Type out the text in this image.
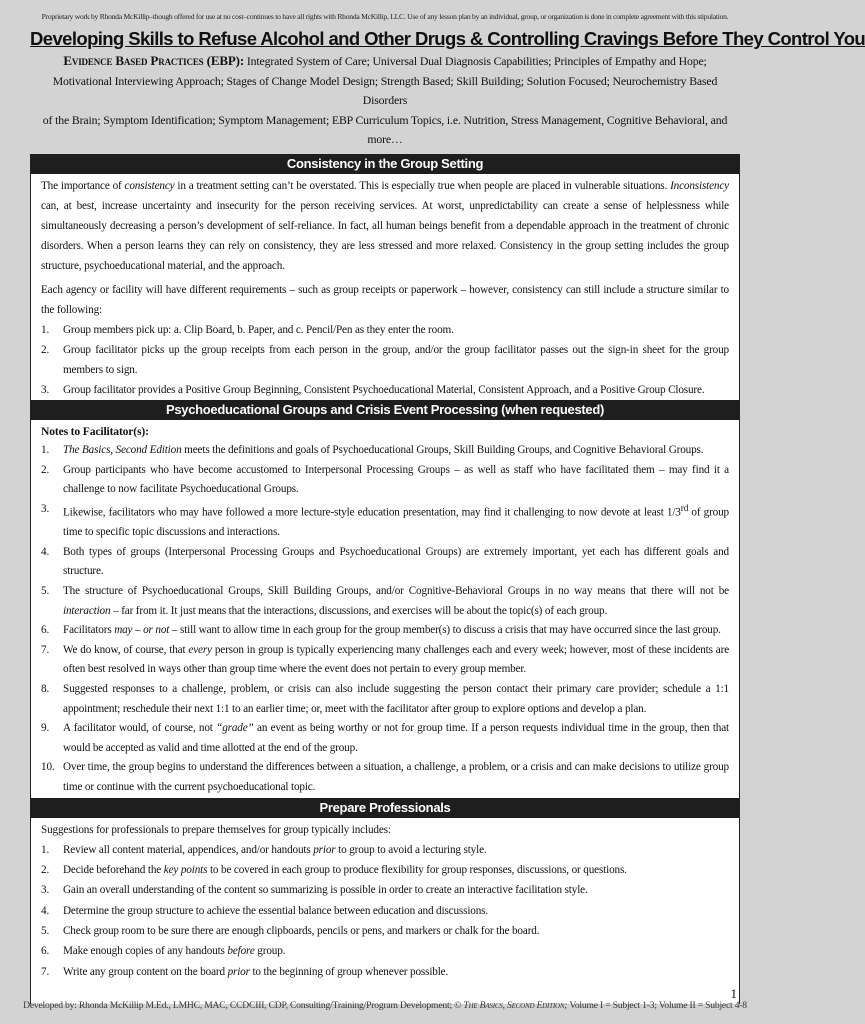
Proprietary work by Rhonda McKillip–though offered for use at no cost–continues to have all rights with Rhonda McKillip, LLC. Use of any lesson plan by an individual, group, or organization is done in complete agreement with this stipulation.
Developing Skills to Refuse Alcohol and Other Drugs & Controlling Cravings Before They Control You
Evidence Based Practices (EBP): Integrated System of Care; Universal Dual Diagnosis Capabilities; Principles of Empathy and Hope;
Motivational Interviewing Approach; Stages of Change Model Design; Strength Based; Skill Building; Solution Focused; Neurochemistry Based Disorders
of the Brain; Symptom Identification; Symptom Management; EBP Curriculum Topics, i.e. Nutrition, Stress Management, Cognitive Behavioral, and more…
Consistency in the Group Setting

The importance of consistency in a treatment setting can’t be overstated. This is especially true when people are placed in vulnerable situations. Inconsistency can, at best, increase uncertainty and insecurity for the person receiving services. At worst, unpredictability can create a sense of helplessness while simultaneously decreasing a person’s development of self-reliance. In fact, all human beings benefit from a dependable approach in the treatment of chronic disorders. When a person learns they can rely on consistency, they are less stressed and more relaxed. Consistency in the group setting includes the group structure, psychoeducational material, and the approach.

Each agency or facility will have different requirements – such as group receipts or paperwork – however, consistency can still include a structure similar to the following:

1. Group members pick up: a. Clip Board, b. Paper, and c. Pencil/Pen as they enter the room.
2. Group facilitator picks up the group receipts from each person in the group, and/or the group facilitator passes out the sign-in sheet for the group members to sign.
3. Group facilitator provides a Positive Group Beginning, Consistent Psychoeducational Material, Consistent Approach, and a Positive Group Closure.
Psychoeducational Groups and Crisis Event Processing (when requested)
Notes to Facilitator(s):
1. The Basics, Second Edition meets the definitions and goals of Psychoeducational Groups, Skill Building Groups, and Cognitive Behavioral Groups.
2. Group participants who have become accustomed to Interpersonal Processing Groups – as well as staff who have facilitated them – may find it a challenge to now facilitate Psychoeducational Groups.
3. Likewise, facilitators who may have followed a more lecture-style education presentation, may find it challenging to now devote at least 1/3rd of group time to specific topic discussions and interactions.
4. Both types of groups (Interpersonal Processing Groups and Psychoeducational Groups) are extremely important, yet each has different goals and structure.
5. The structure of Psychoeducational Groups, Skill Building Groups, and/or Cognitive-Behavioral Groups in no way means that there will not be interaction – far from it. It just means that the interactions, discussions, and exercises will be about the topic(s) of each group.
6. Facilitators may – or not – still want to allow time in each group for the group member(s) to discuss a crisis that may have occurred since the last group.
7. We do know, of course, that every person in group is typically experiencing many challenges each and every week; however, most of these incidents are often best resolved in ways other than group time where the event does not pertain to every group member.
8. Suggested responses to a challenge, problem, or crisis can also include suggesting the person contact their primary care provider; schedule a 1:1 appointment; reschedule their next 1:1 to an earlier time; or, meet with the facilitator after group to explore options and develop a plan.
9. A facilitator would, of course, not “grade” an event as being worthy or not for group time. If a person requests individual time in the group, then that would be accepted as valid and time allotted at the end of the group.
10. Over time, the group begins to understand the differences between a situation, a challenge, a problem, or a crisis and can make decisions to utilize group time or continue with the current psychoeducational topic.
Prepare Professionals
Suggestions for professionals to prepare themselves for group typically includes:
1. Review all content material, appendices, and/or handouts prior to group to avoid a lecturing style.
2. Decide beforehand the key points to be covered in each group to produce flexibility for group responses, discussions, or questions.
3. Gain an overall understanding of the content so summarizing is possible in order to create an interactive facilitation style.
4. Determine the group structure to achieve the essential balance between education and discussions.
5. Check group room to be sure there are enough clipboards, pencils or pens, and markers or chalk for the board.
6. Make enough copies of any handouts before group.
7. Write any group content on the board prior to the beginning of group whenever possible.
1
Developed by: Rhonda McKillip M.Ed., LMHC, MAC, CCDCIII, CDP, Consulting/Training/Program Development; © The Basics, Second Edition; Volume I = Subject 1-3; Volume II = Subject 4-8
